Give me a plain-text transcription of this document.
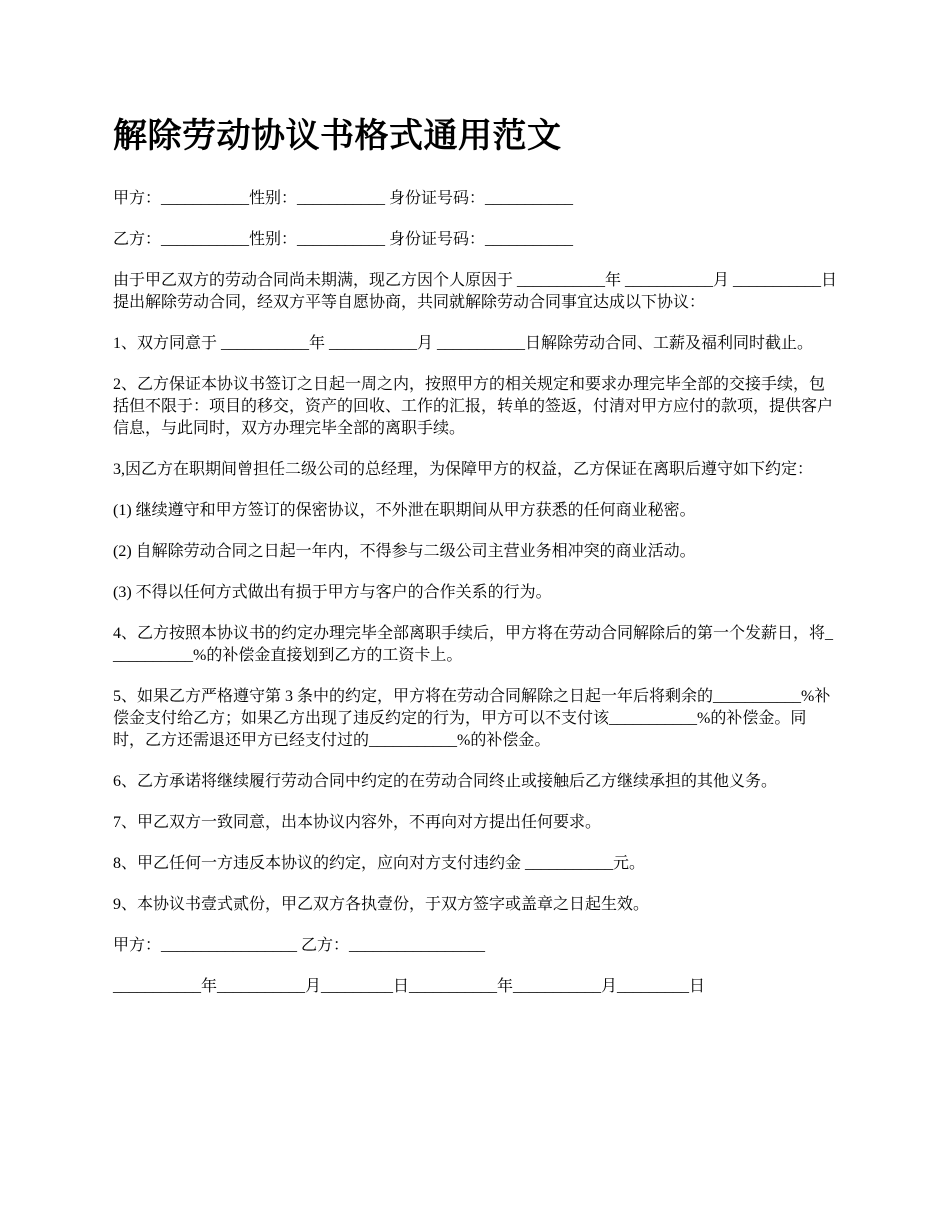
解除劳动协议书格式通用范文

甲方：___________性别：___________ 身份证号码：___________

乙方：___________性别：___________ 身份证号码：___________

由于甲乙双方的劳动合同尚未期满，现乙方因个人原因于 ___________年 ___________月 ___________日提出解除劳动合同，经双方平等自愿协商，共同就解除劳动合同事宜达成以下协议：

1、双方同意于 ___________年 ___________月 ___________日解除劳动合同、工薪及福利同时截止。

2、乙方保证本协议书签订之日起一周之内，按照甲方的相关规定和要求办理完毕全部的交接手续，包括但不限于：项目的移交，资产的回收、工作的汇报，转单的签返，付清对甲方应付的款项，提供客户信息，与此同时，双方办理完毕全部的离职手续。

3,因乙方在职期间曾担任二级公司的总经理，为保障甲方的权益，乙方保证在离职后遵守如下约定：

(1) 继续遵守和甲方签订的保密协议，不外泄在职期间从甲方获悉的任何商业秘密。

(2) 自解除劳动合同之日起一年内，不得参与二级公司主营业务相冲突的商业活动。

(3) 不得以任何方式做出有损于甲方与客户的合作关系的行为。

4、乙方按照本协议书的约定办理完毕全部离职手续后，甲方将在劳动合同解除后的第一个发薪日，将___________%的补偿金直接划到乙方的工资卡上。

5、如果乙方严格遵守第 3 条中的约定，甲方将在劳动合同解除之日起一年后将剩余的___________%补偿金支付给乙方；如果乙方出现了违反约定的行为，甲方可以不支付该___________%的补偿金。同时，乙方还需退还甲方已经支付过的___________%的补偿金。

6、乙方承诺将继续履行劳动合同中约定的在劳动合同终止或接触后乙方继续承担的其他义务。

7、甲乙双方一致同意，出本协议内容外，不再向对方提出任何要求。

8、甲乙任何一方违反本协议的约定，应向对方支付违约金 ___________元。

9、本协议书壹式贰份，甲乙双方各执壹份，于双方签字或盖章之日起生效。

甲方：_________________ 乙方：_________________

___________年___________月_________日___________年___________月_________日
